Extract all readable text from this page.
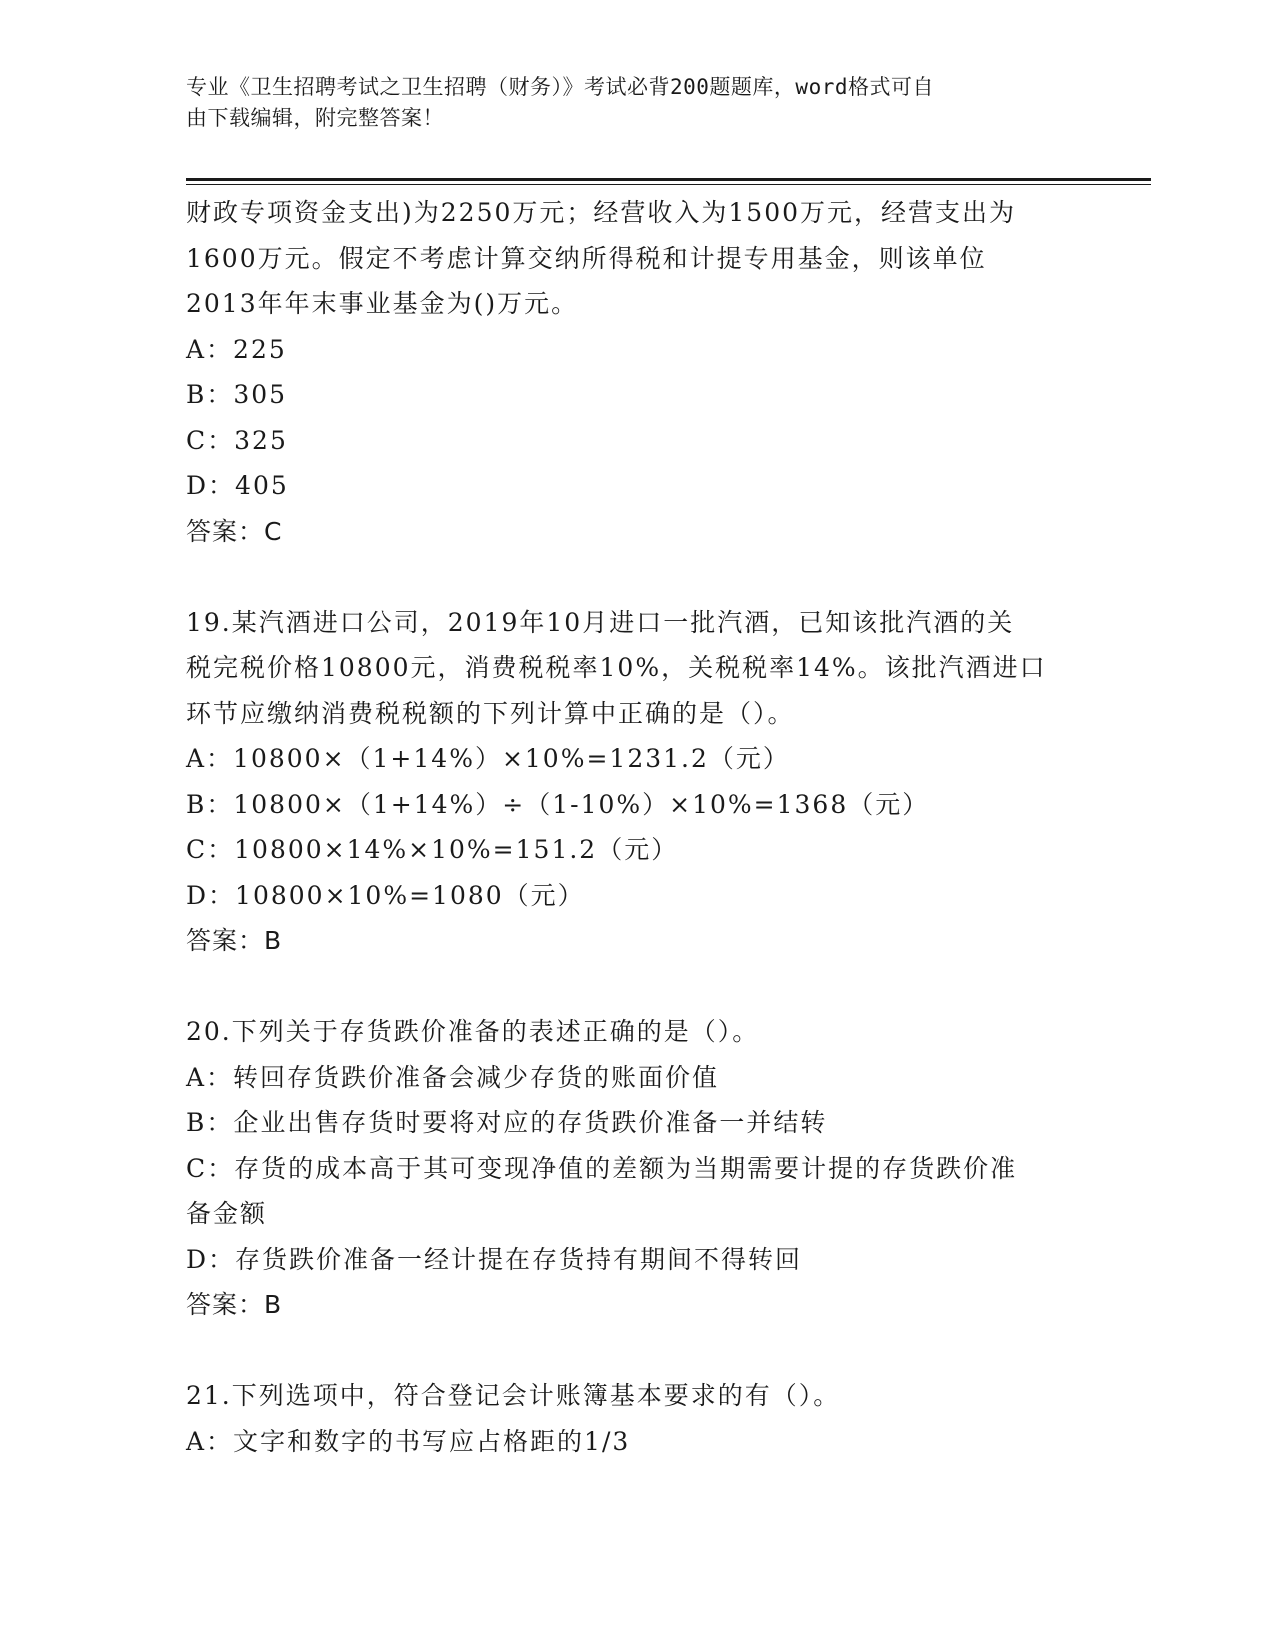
专业《卫生招聘考试之卫生招聘（财务）》考试必背200题题库，word格式可自
由下载编辑，附完整答案！
财政专项资金支出)为2250万元；经营收入为1500万元，经营支出为
1600万元。假定不考虑计算交纳所得税和计提专用基金，则该单位
2013年年末事业基金为()万元。
A：225
B：305
C：325
D：405
答案：C
19.某汽酒进口公司，2019年10月进口一批汽酒，已知该批汽酒的关
税完税价格10800元，消费税税率10%，关税税率14%。该批汽酒进口
环节应缴纳消费税税额的下列计算中正确的是（）。
A：10800×（1+14%）×10%=1231.2（元）
B：10800×（1+14%）÷（1-10%）×10%=1368（元）
C：10800×14%×10%=151.2（元）
D：10800×10%=1080（元）
答案：B
20.下列关于存货跌价准备的表述正确的是（）。
A：转回存货跌价准备会减少存货的账面价值
B：企业出售存货时要将对应的存货跌价准备一并结转
C：存货的成本高于其可变现净值的差额为当期需要计提的存货跌价准
备金额
D：存货跌价准备一经计提在存货持有期间不得转回
答案：B
21.下列选项中，符合登记会计账簿基本要求的有（）。
A：文字和数字的书写应占格距的1/3
